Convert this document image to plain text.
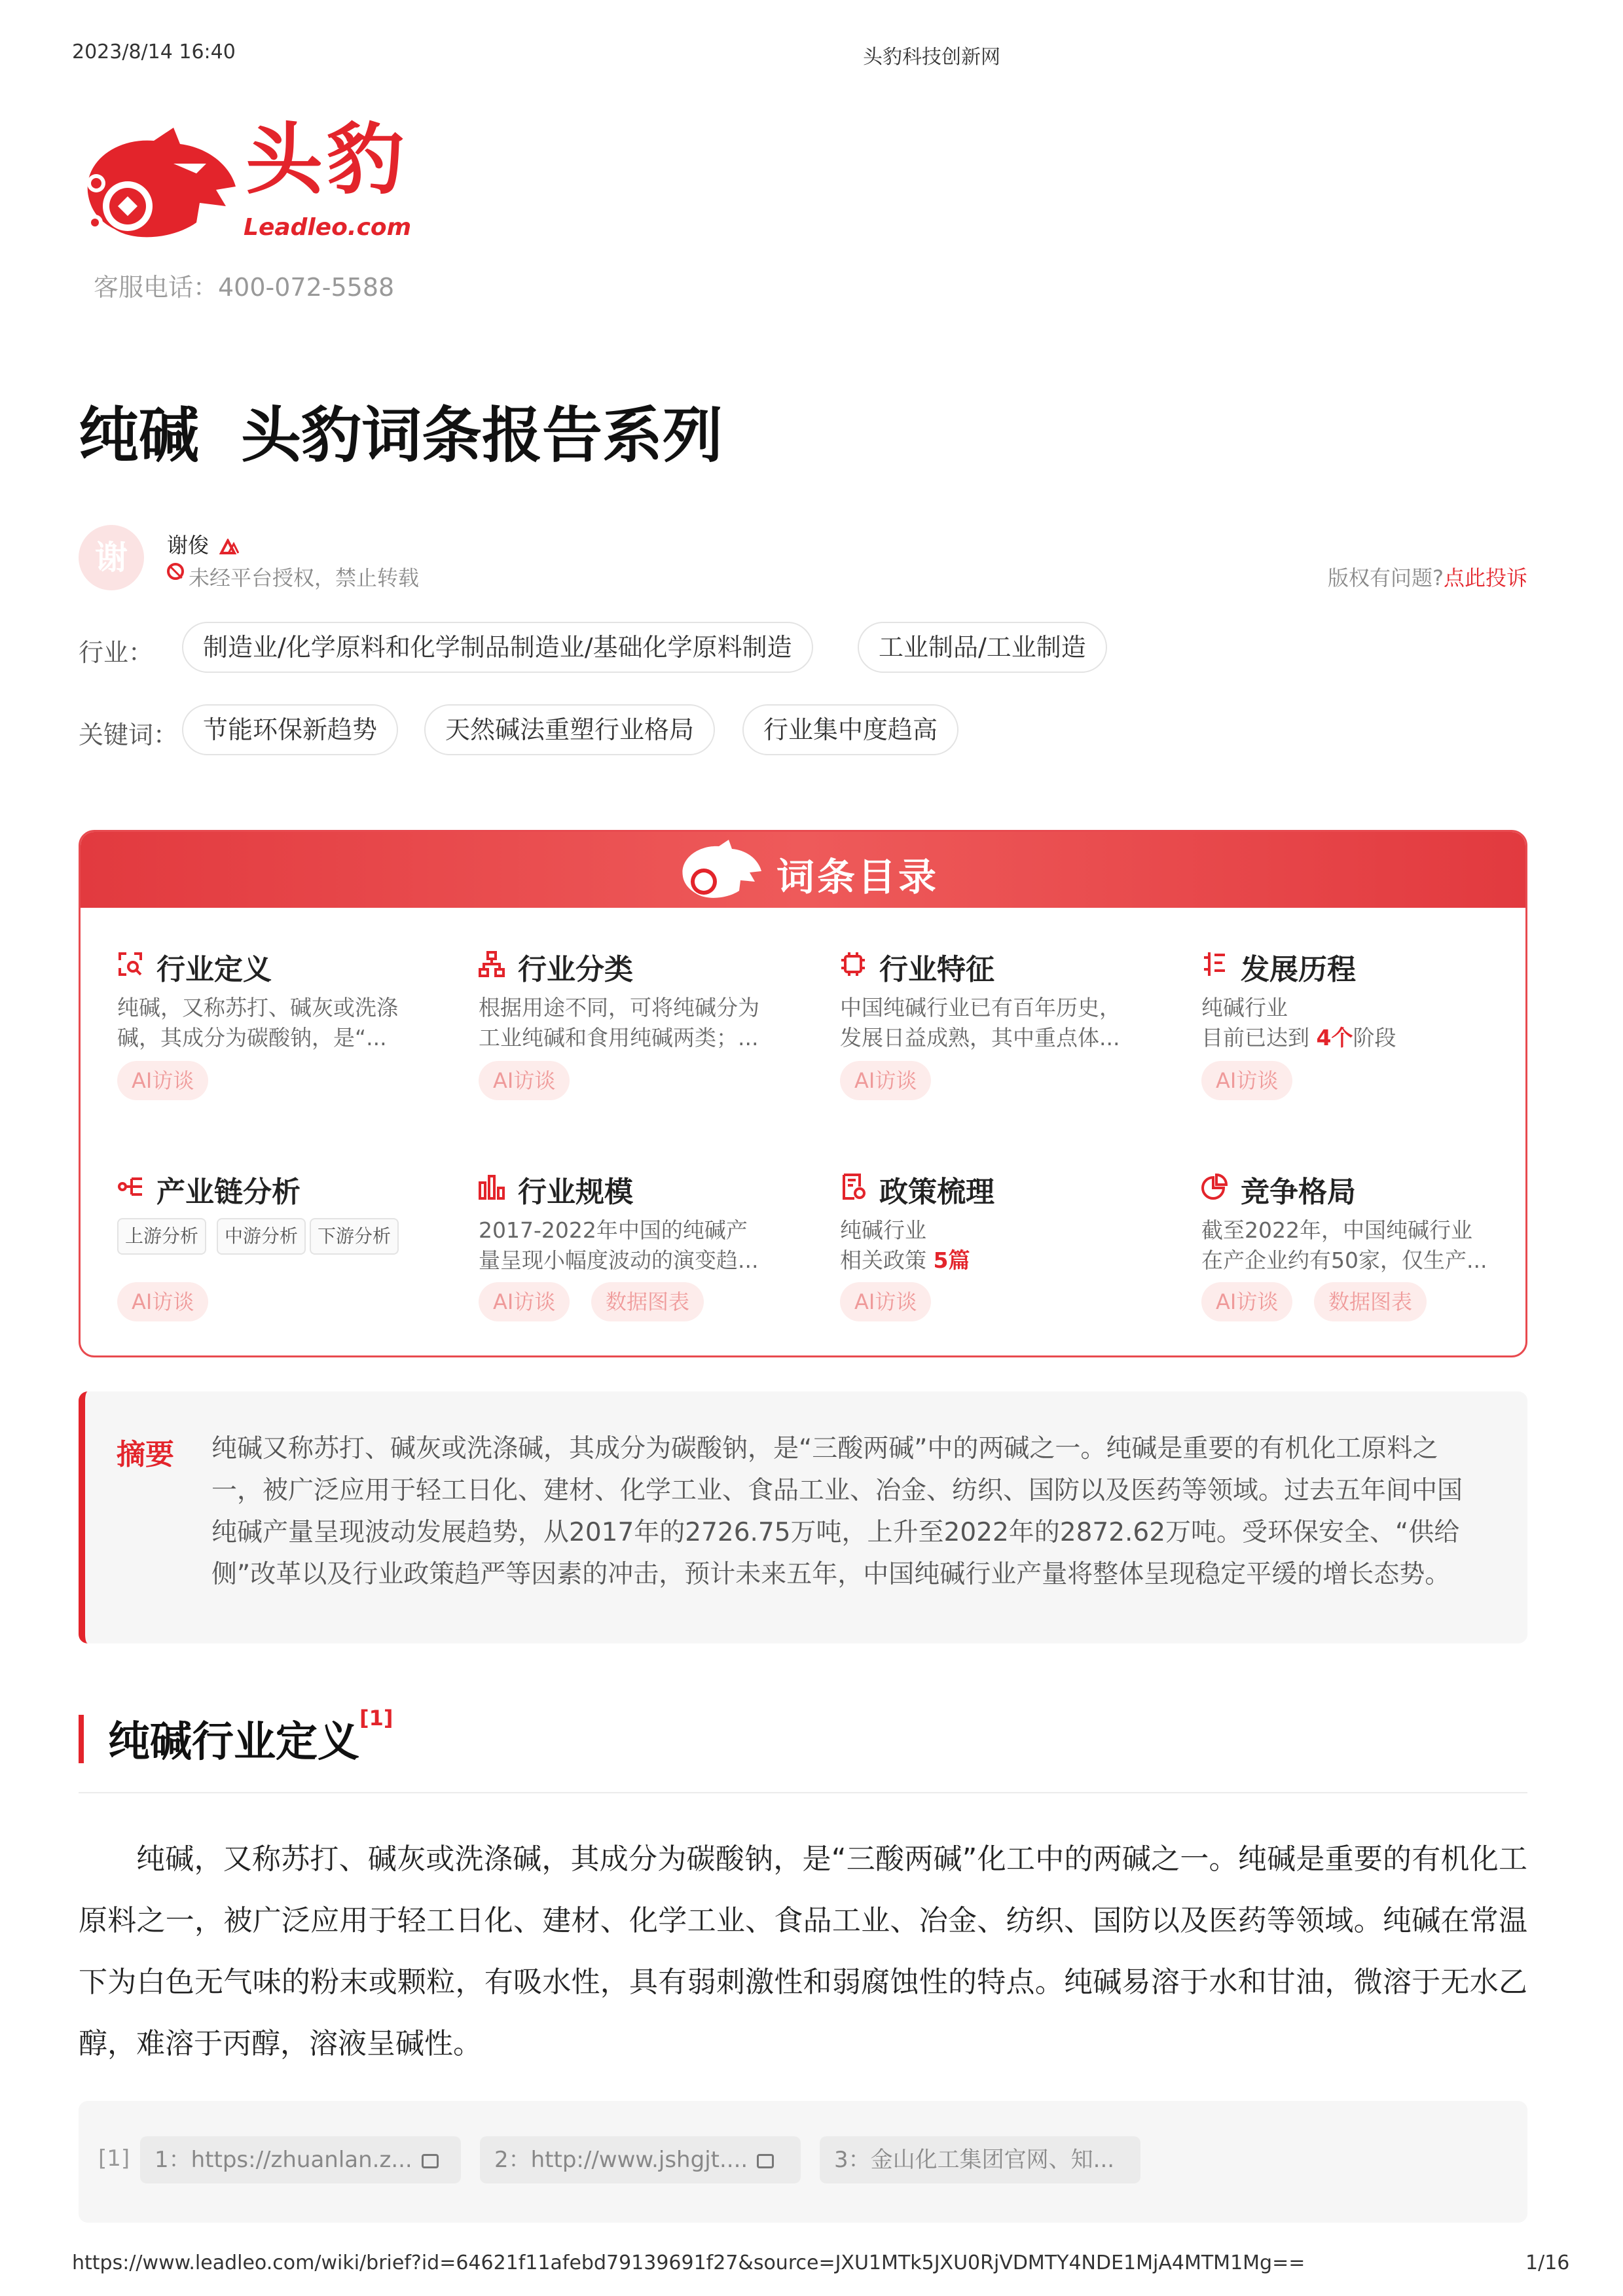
2023/8/14 16:40	头豹科技创新网
头豹
Leadleo.com
客服电话：400-072-5588
纯碱  头豹词条报告系列
谢	谢俊
未经平台授权，禁止转载	版权有问题?点此投诉
行业：	制造业/化学原料和化学制品制造业/基础化学原料制造	工业制品/工业制造
关键词： 节能环保新趋势	天然碱法重塑行业格局	行业集中度趋高
词条目录
行业定义
纯碱，又称苏打、碱灰或洗涤
碱，其成分为碳酸钠，是“...
AI访谈
行业分类
根据用途不同，可将纯碱分为
工业纯碱和食用纯碱两类；...
AI访谈
行业特征
中国纯碱行业已有百年历史，
发展日益成熟，其中重点体...
AI访谈
发展历程
纯碱行业
目前已达到 4个阶段
AI访谈
产业链分析
上游分析	中游分析	下游分析
AI访谈
行业规模
2017-2022年中国的纯碱产
量呈现小幅度波动的演变趋...
AI访谈	数据图表
政策梳理
纯碱行业
相关政策 5篇
AI访谈
竞争格局
截至2022年，中国纯碱行业
在产企业约有50家，仅生产...
AI访谈	数据图表
摘要 纯碱又称苏打、碱灰或洗涤碱，其成分为碳酸钠，是“三酸两碱”中的两碱之一。纯碱是重要的有机化工原料之一，被广泛应用于轻工日化、建材、化学工业、食品工业、冶金、纺织、国防以及医药等领域。过去五年间中国纯碱产量呈现波动发展趋势，从2017年的2726.75万吨，上升至2022年的2872.62万吨。受环保安全、“供给侧”改革以及行业政策趋严等因素的冲击，预计未来五年，中国纯碱行业产量将整体呈现稳定平缓的增长态势。
纯碱行业定义[1]
纯碱，又称苏打、碱灰或洗涤碱，其成分为碳酸钠，是“三酸两碱”化工中的两碱之一。纯碱是重要的有机化工原料之一，被广泛应用于轻工日化、建材、化学工业、食品工业、冶金、纺织、国防以及医药等领域。纯碱在常温下为白色无气味的粉末或颗粒，有吸水性，具有弱刺激性和弱腐蚀性的特点。纯碱易溶于水和甘油，微溶于无水乙醇，难溶于丙醇，溶液呈碱性。
[1]	1：https://zhuanlan.z...	2：http://www.jshgjt....	3：金山化工集团官网、知...
https://www.leadleo.com/wiki/brief?id=64621f11afebd79139691f27&source=JXU1MTk5JXU0RjVDMTY4NDE1MjA4MTM1Mg==	1/16
